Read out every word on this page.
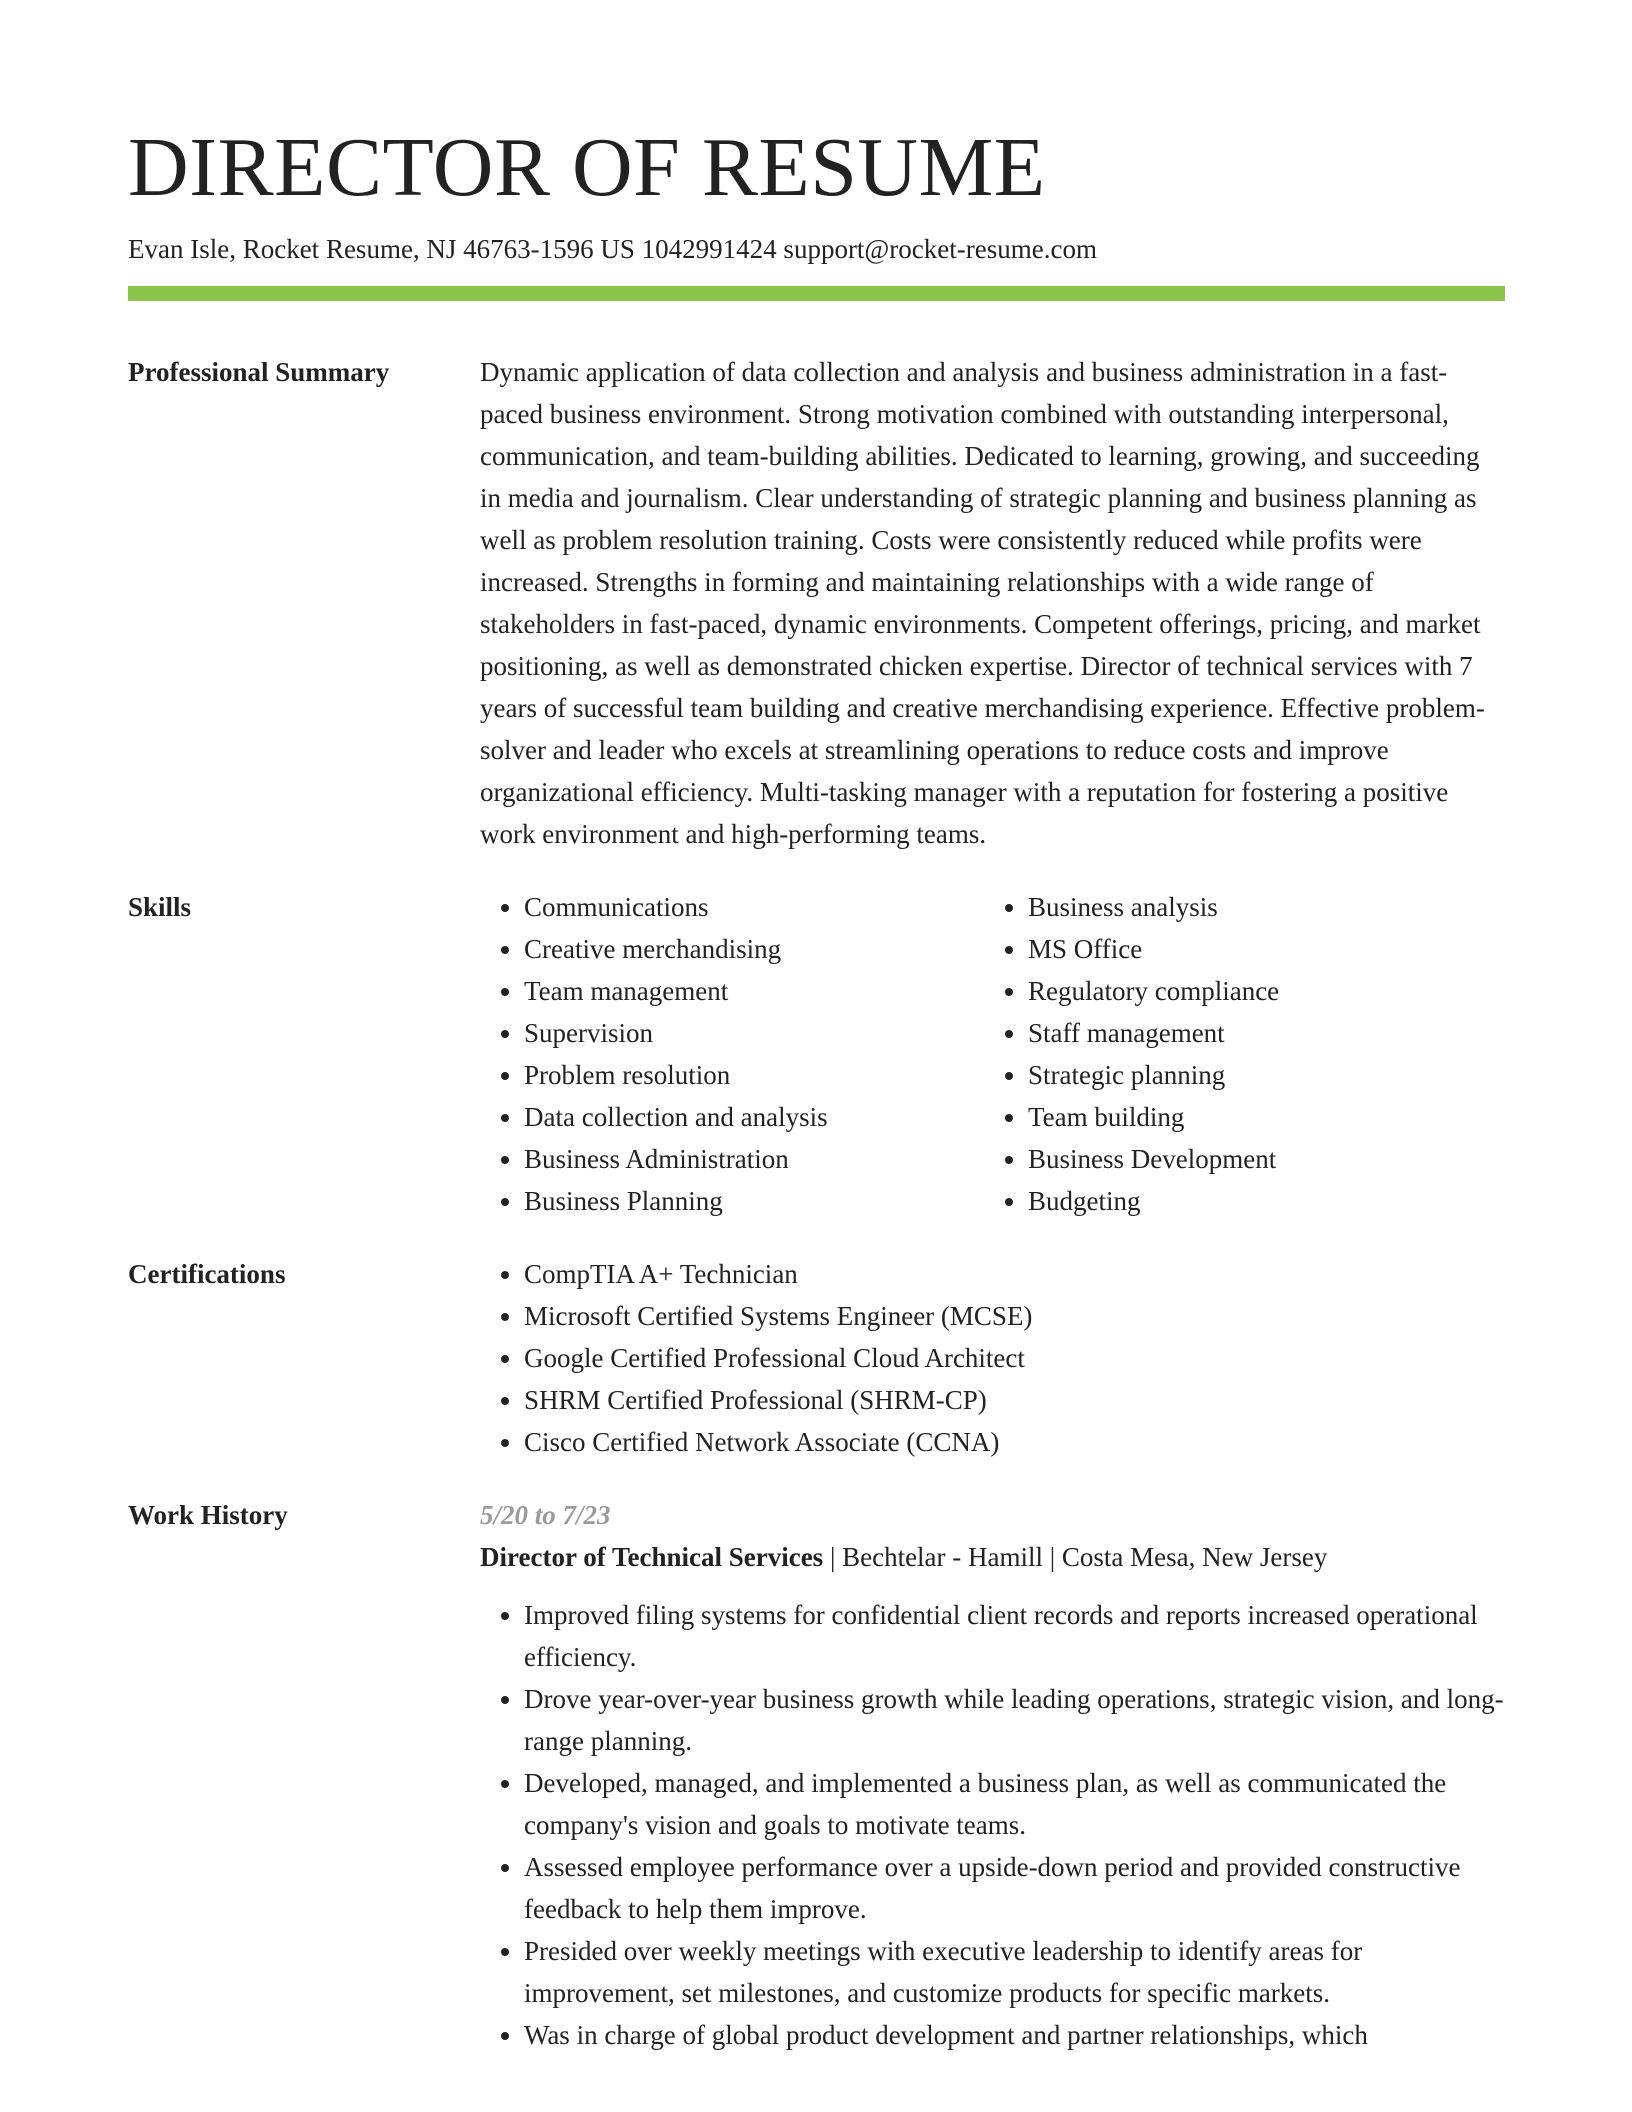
DIRECTOR OF RESUME
Evan Isle, Rocket Resume, NJ 46763-1596 US 1042991424 support@rocket-resume.com
Professional Summary	Dynamic application of data collection and analysis and business administration in a fast-paced business environment. Strong motivation combined with outstanding interpersonal, communication, and team-building abilities. Dedicated to learning, growing, and succeeding in media and journalism. Clear understanding of strategic planning and business planning as well as problem resolution training. Costs were consistently reduced while profits were increased. Strengths in forming and maintaining relationships with a wide range of stakeholders in fast-paced, dynamic environments. Competent offerings, pricing, and market positioning, as well as demonstrated chicken expertise. Director of technical services with 7 years of successful team building and creative merchandising experience. Effective problem-solver and leader who excels at streamlining operations to reduce costs and improve organizational efficiency. Multi-tasking manager with a reputation for fostering a positive work environment and high-performing teams.

Skills	• Communications
• Creative merchandising
• Team management
• Supervision
• Problem resolution
• Data collection and analysis
• Business Administration
• Business Planning
• Business analysis
• MS Office
• Regulatory compliance
• Staff management
• Strategic planning
• Team building
• Business Development
• Budgeting
Certifications	• CompTIA A+ Technician
• Microsoft Certified Systems Engineer (MCSE)
• Google Certified Professional Cloud Architect
• SHRM Certified Professional (SHRM-CP)
• Cisco Certified Network Associate (CCNA)
Work History	5/20 to 7/23
Director of Technical Services | Bechtelar - Hamill | Costa Mesa, New Jersey
• Improved filing systems for confidential client records and reports increased operational efficiency.
• Drove year-over-year business growth while leading operations, strategic vision, and long-range planning.
• Developed, managed, and implemented a business plan, as well as communicated the company's vision and goals to motivate teams.
• Assessed employee performance over a upside-down period and provided constructive feedback to help them improve.
• Presided over weekly meetings with executive leadership to identify areas for improvement, set milestones, and customize products for specific markets.
• Was in charge of global product development and partner relationships, which
